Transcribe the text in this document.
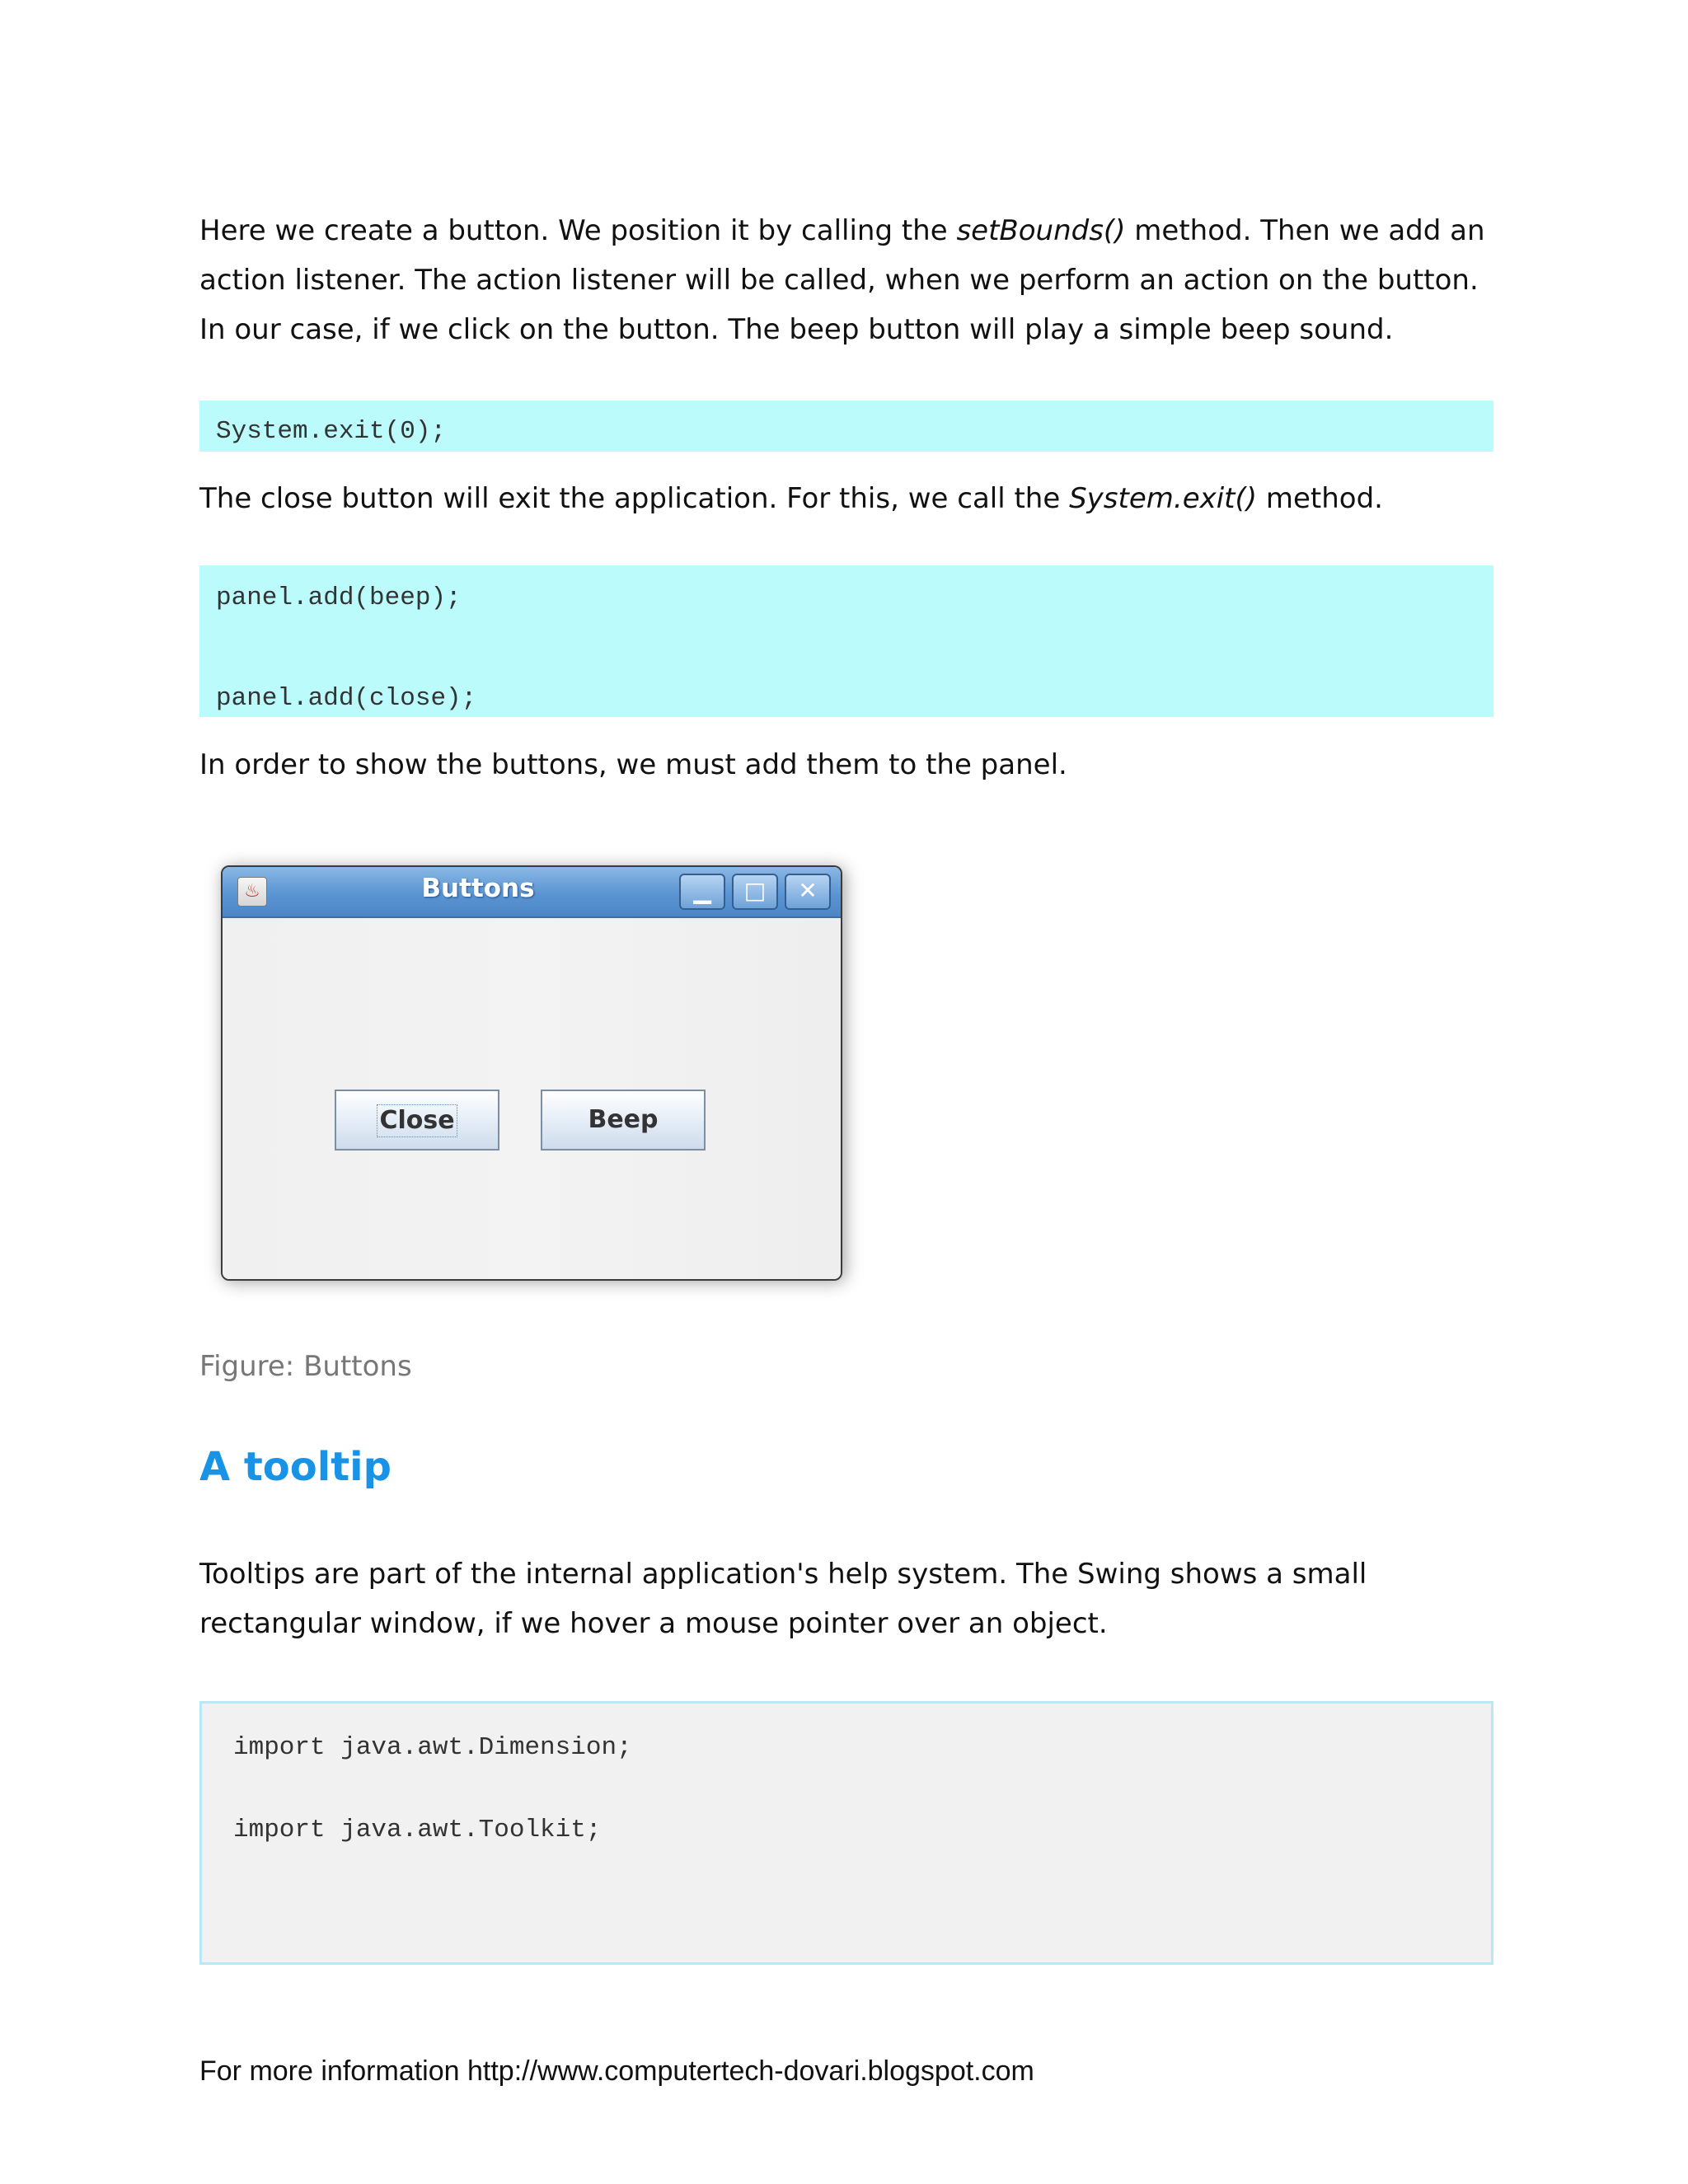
Here we create a button. We position it by calling the setBounds() method. Then we add an
action listener. The action listener will be called, when we perform an action on the button.
In our case, if we click on the button. The beep button will play a simple beep sound.
System.exit(0);
The close button will exit the application. For this, we call the System.exit() method.
panel.add(beep);
panel.add(close);
In order to show the buttons, we must add them to the panel.
♨	Buttons	▁	□	✕
Close	Beep
Figure: Buttons
A tooltip
Tooltips are part of the internal application's help system. The Swing shows a small
rectangular window, if we hover a mouse pointer over an object.
import java.awt.Dimension;
import java.awt.Toolkit;
For more information http://www.computertech-dovari.blogspot.com
